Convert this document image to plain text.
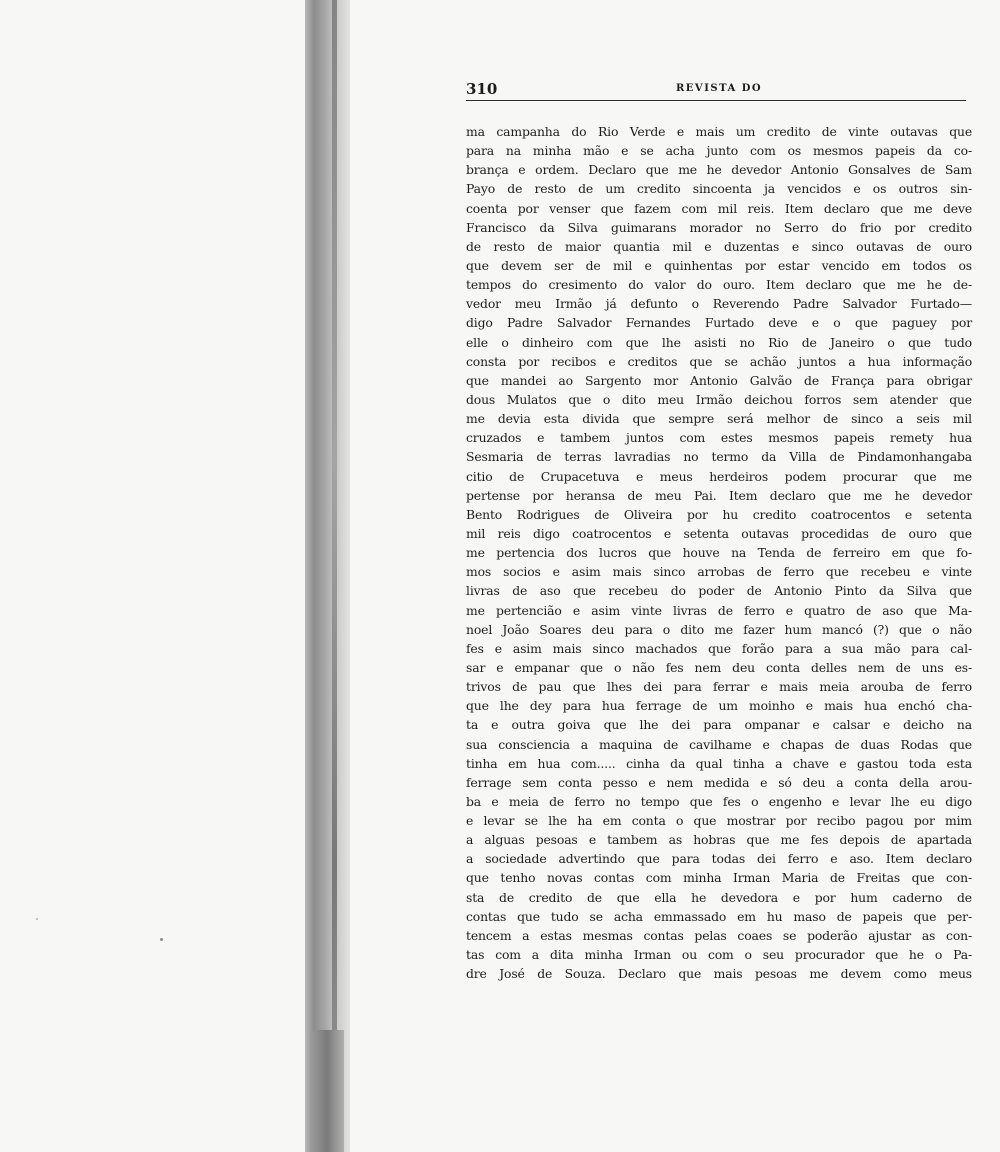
310	REVISTA DO
ma campanha do Rio Verde e mais um credito de vinte outavas que
para na minha mão e se acha junto com os mesmos papeis da co-
brança e ordem. Declaro que me he devedor Antonio Gonsalves de Sam
Payo de resto de um credito sincoenta ja vencidos e os outros sin-
coenta por venser que fazem com mil reis. Item declaro que me deve
Francisco da Silva guimarans morador no Serro do frio por credito
de resto de maior quantia mil e duzentas e sinco outavas de ouro
que devem ser de mil e quinhentas por estar vencido em todos os
tempos do cresimento do valor do ouro. Item declaro que me he de-
vedor meu Irmão já defunto o Reverendo Padre Salvador Furtado—
digo Padre Salvador Fernandes Furtado deve e o que paguey por
elle o dinheiro com que lhe asisti no Rio de Janeiro o que tudo
consta por recibos e creditos que se achão juntos a hua informação
que mandei ao Sargento mor Antonio Galvão de França para obrigar
dous Mulatos que o dito meu Irmão deichou forros sem atender que
me devia esta divida que sempre será melhor de sinco a seis mil
cruzados e tambem juntos com estes mesmos papeis remety hua
Sesmaria de terras lavradias no termo da Villa de Pindamonhangaba
citio de Crupacetuva e meus herdeiros podem procurar que me
pertense por heransa de meu Pai. Item declaro que me he devedor
Bento Rodrigues de Oliveira por hu credito coatrocentos e setenta
mil reis digo coatrocentos e setenta outavas procedidas de ouro que
me pertencia dos lucros que houve na Tenda de ferreiro em que fo-
mos socios e asim mais sinco arrobas de ferro que recebeu e vinte
livras de aso que recebeu do poder de Antonio Pinto da Silva que
me pertencião e asim vinte livras de ferro e quatro de aso que Ma-
noel João Soares deu para o dito me fazer hum mancó (?) que o não
fes e asim mais sinco machados que forão para a sua mão para cal-
sar e empanar que o não fes nem deu conta delles nem de uns es-
trivos de pau que lhes dei para ferrar e mais meia arouba de ferro
que lhe dey para hua ferrage de um moinho e mais hua enchó cha-
ta e outra goiva que lhe dei para ompanar e calsar e deicho na
sua consciencia a maquina de cavilhame e chapas de duas Rodas que
tinha em hua com..... cinha da qual tinha a chave e gastou toda esta
ferrage sem conta pesso e nem medida e só deu a conta della arou-
ba e meia de ferro no tempo que fes o engenho e levar lhe eu digo
e levar se lhe ha em conta o que mostrar por recibo pagou por mim
a alguas pesoas e tambem as hobras que me fes depois de apartada
a sociedade advertindo que para todas dei ferro e aso. Item declaro
que tenho novas contas com minha Irman Maria de Freitas que con-
sta de credito de que ella he devedora e por hum caderno de
contas que tudo se acha emmassado em hu maso de papeis que per-
tencem a estas mesmas contas pelas coaes se poderão ajustar as con-
tas com a dita minha Irman ou com o seu procurador que he o Pa-
dre José de Souza. Declaro que mais pesoas me devem como meus
